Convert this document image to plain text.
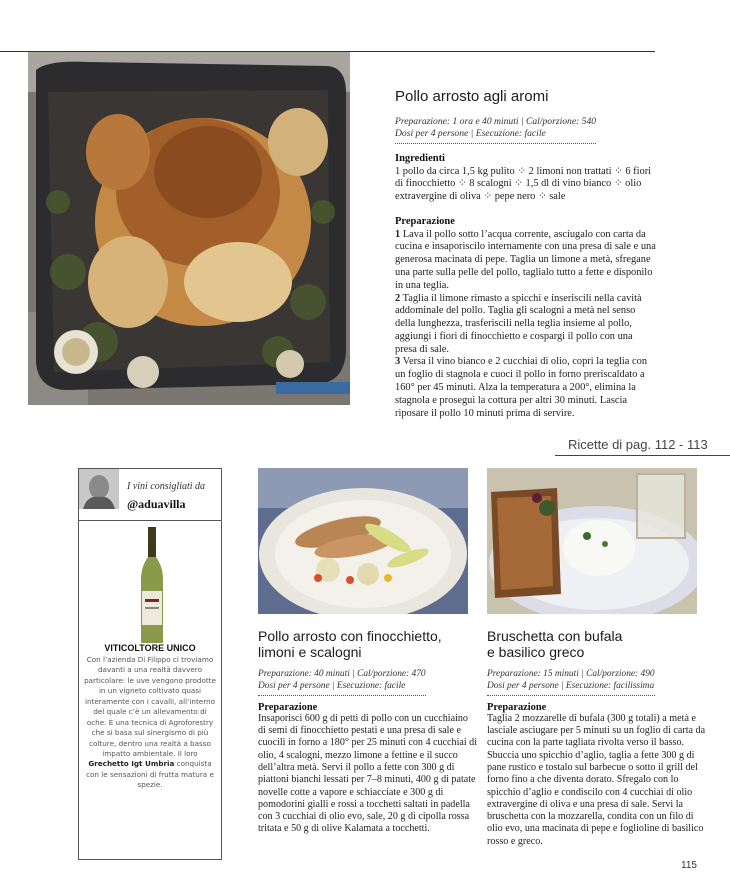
Pollo arrosto agli aromi
Preparazione: 1 ora e 40 minuti | Cal/porzione: 540
Dosi per 4 persone | Esecuzione: facile
Ingredienti
1 pollo da circa 1,5 kg pulito ⁘ 2 limoni non trattati ⁘ 6 fiori di finocchietto ⁘ 8 scalogni ⁘ 1,5 dl di vino bianco ⁘ olio extravergine di oliva ⁘ pepe nero ⁘ sale
Preparazione
1 Lava il pollo sotto l’acqua corrente, asciugalo con carta da cucina e insaporiscilo internamente con una presa di sale e una generosa macinata di pepe. Taglia un limone a metà, sfregane una parte sulla pelle del pollo, taglialo tutto a fette e disponilo in una teglia.
2 Taglia il limone rimasto a spicchi e inseriscili nella cavità addominale del pollo. Taglia gli scalogni a metà nel senso della lunghezza, trasferiscili nella teglia insieme al pollo, aggiungi i fiori di finocchietto e cospargi il pollo con una presa di sale.
3 Versa il vino bianco e 2 cucchiai di olio, copri la teglia con un foglio di stagnola e cuoci il pollo in forno preriscaldato a 160° per 45 minuti. Alza la temperatura a 200°, elimina la stagnola e prosegui la cottura per altri 30 minuti. Lascia riposare il pollo 10 minuti prima di servire.
Ricette di pag. 112 - 113
I vini consigliati da
@aduavilla
VITICOLTORE UNICO
Con l’azienda Di Filippo ci troviamo davanti a una realtà davvero particolare: le uve vengono prodotte in un vigneto coltivato quasi interamente con i cavalli, all’interno del quale c’è un allevamento di oche. È una tecnica di Agroforestry che si basa sul sinergismo di più colture, dentro una realtà a basso impatto ambientale. Il loro Grechetto Igt Umbria conquista con le sensazioni di frutta matura e spezie.
Pollo arrosto con finocchietto,
limoni e scalogni
Preparazione: 40 minuti | Cal/porzione: 470
Dosi per 4 persone | Esecuzione: facile
Preparazione
Insaporisci 600 g di petti di pollo con un cucchiaino di semi di finocchietto pestati e una presa di sale e cuocili in forno a 180° per 25 minuti con 4 cucchiai di olio, 4 scalogni, mezzo limone a fettine e il succo dell’altra metà. Servi il pollo a fette con 300 g di piattoni bianchi lessati per 7–8 minuti, 400 g di patate novelle cotte a vapore e schiacciate e 300 g di pomodorini gialli e rossi a tocchetti saltati in padella con 3 cucchiai di olio evo, sale, 20 g di cipolla rossa tritata e 50 g di olive Kalamata a tocchetti.
Bruschetta con bufala
e basilico greco
Preparazione: 15 minuti | Cal/porzione: 490
Dosi per 4 persone | Esecuzione: facilissima
Preparazione
Taglia 2 mozzarelle di bufala (300 g totali) a metà e lasciale asciugare per 5 minuti su un foglio di carta da cucina con la parte tagliata rivolta verso il basso. Sbuccia uno spicchio d’aglio, taglia a fette 300 g di pane rustico e tostalo sul barbecue o sotto il grill del forno fino a che diventa dorato. Sfregalo con lo spicchio d’aglio e condiscilo con 4 cucchiai di olio extravergine di oliva e una presa di sale. Servi la bruschetta con la mozzarella, condita con un filo di olio evo, una macinata di pepe e foglioline di basilico rosso e greco.
115
